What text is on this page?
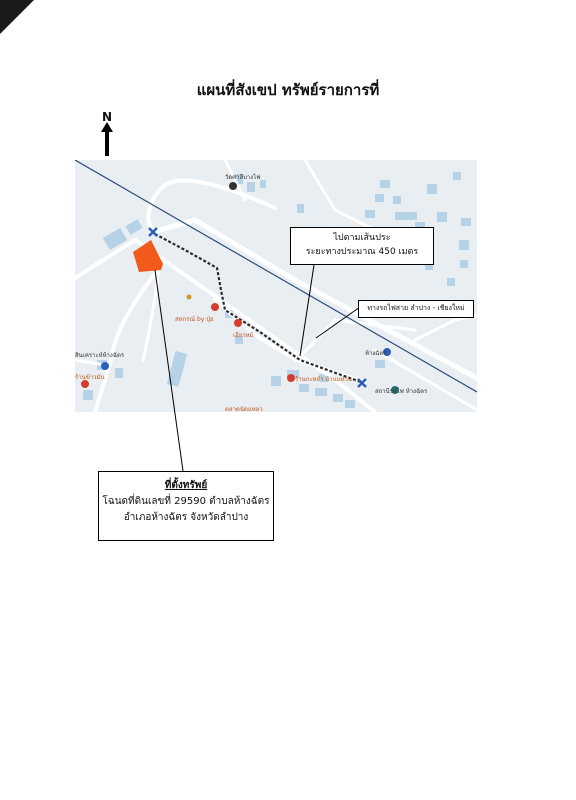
แผนที่สังเขป ทรัพย์รายการที่
N
วัดศาลีบางไฟ
สถานีรถไฟ ห้างฉัตร
สหกรณ์ by บุ๋ย
เฮียวหม้
ร้านกะหล่ำ บ้านแหวน
ห้างฉัตร
สินเคราะห์ห้างฉัตร
ร้านข้าวมัน
ตลาดนัดแหลว
ไปตามเส้นประ
ระยะทางประมาณ 450 เมตร
ทางรถไฟสาย ลำปาง - เชียงใหม่
ที่ตั้งทรัพย์
โฉนดที่ดินเลขที่ 29590 ตำบลห้างฉัตร
อำเภอห้างฉัตร จังหวัดลำปาง
